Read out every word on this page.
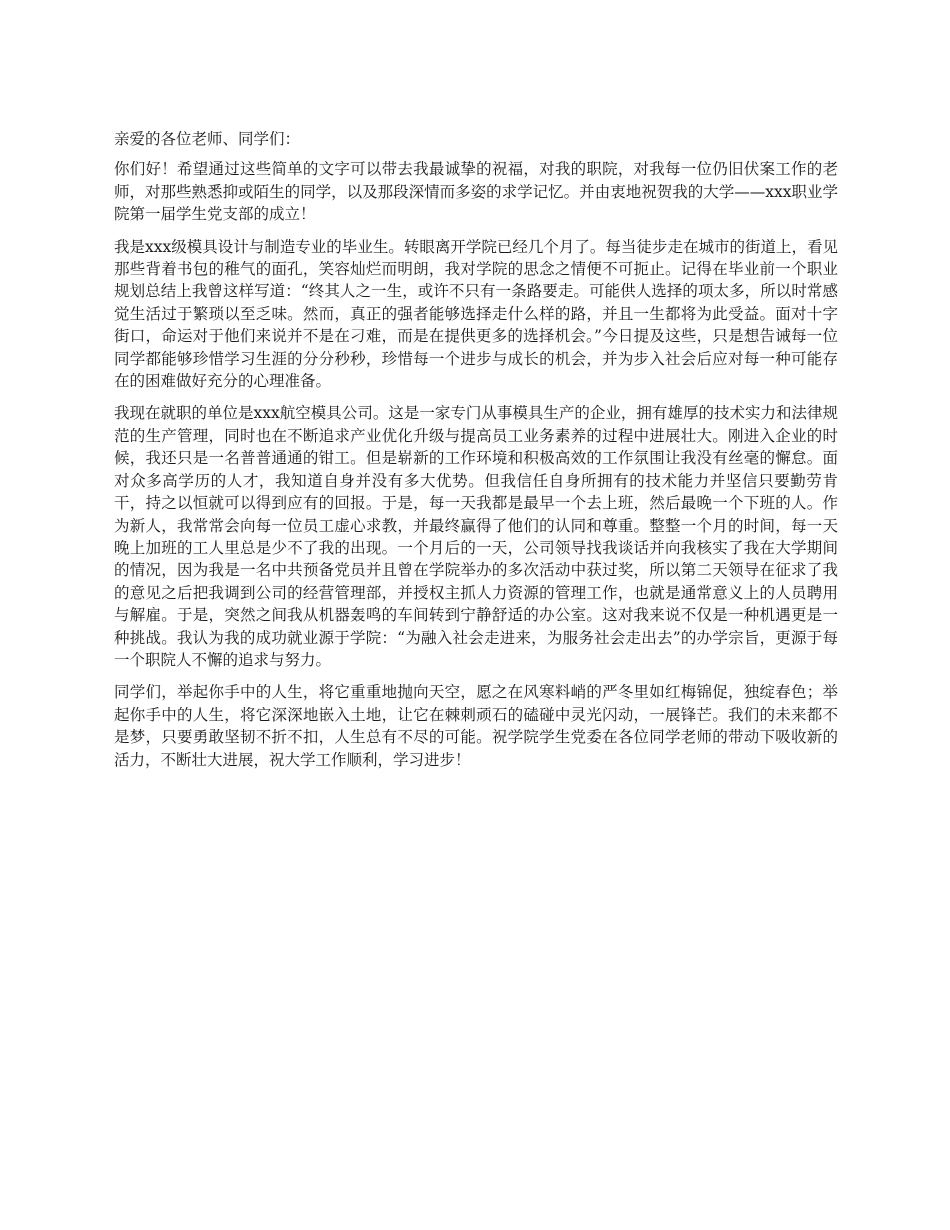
亲爱的各位老师、同学们：

你们好！希望通过这些简单的文字可以带去我最诚挚的祝福，对我的职院，对我每一位仍旧伏案工作的老师，对那些熟悉抑或陌生的同学，以及那段深情而多姿的求学记忆。并由衷地祝贺我的大学——xxx职业学院第一届学生党支部的成立！

我是xxx级模具设计与制造专业的毕业生。转眼离开学院已经几个月了。每当徒步走在城市的街道上，看见那些背着书包的稚气的面孔，笑容灿烂而明朗，我对学院的思念之情便不可扼止。记得在毕业前一个职业规划总结上我曾这样写道：“终其人之一生，或许不只有一条路要走。可能供人选择的项太多，所以时常感觉生活过于繁琐以至乏味。然而，真正的强者能够选择走什么样的路，并且一生都将为此受益。面对十字街口，命运对于他们来说并不是在刁难，而是在提供更多的选择机会。”今日提及这些，只是想告诫每一位同学都能够珍惜学习生涯的分分秒秒，珍惜每一个进步与成长的机会，并为步入社会后应对每一种可能存在的困难做好充分的心理准备。

我现在就职的单位是xxx航空模具公司。这是一家专门从事模具生产的企业，拥有雄厚的技术实力和法律规范的生产管理，同时也在不断追求产业优化升级与提高员工业务素养的过程中进展壮大。刚进入企业的时候，我还只是一名普普通通的钳工。但是崭新的工作环境和积极高效的工作氛围让我没有丝毫的懈怠。面对众多高学历的人才，我知道自身并没有多大优势。但我信任自身所拥有的技术能力并坚信只要勤劳肯干，持之以恒就可以得到应有的回报。于是，每一天我都是最早一个去上班，然后最晚一个下班的人。作为新人，我常常会向每一位员工虚心求教，并最终赢得了他们的认同和尊重。整整一个月的时间，每一天晚上加班的工人里总是少不了我的出现。一个月后的一天，公司领导找我谈话并向我核实了我在大学期间的情况，因为我是一名中共预备党员并且曾在学院举办的多次活动中获过奖，所以第二天领导在征求了我的意见之后把我调到公司的经营管理部，并授权主抓人力资源的管理工作，也就是通常意义上的人员聘用与解雇。于是，突然之间我从机器轰鸣的车间转到宁静舒适的办公室。这对我来说不仅是一种机遇更是一种挑战。我认为我的成功就业源于学院：“为融入社会走进来，为服务社会走出去”的办学宗旨，更源于每一个职院人不懈的追求与努力。

同学们，举起你手中的人生，将它重重地抛向天空，愿之在风寒料峭的严冬里如红梅锦促，独绽春色；举起你手中的人生，将它深深地嵌入土地，让它在棘刺顽石的磕碰中灵光闪动，一展锋芒。我们的未来都不是梦，只要勇敢坚韧不折不扣，人生总有不尽的可能。祝学院学生党委在各位同学老师的带动下吸收新的活力，不断壮大进展，祝大学工作顺利，学习进步！
